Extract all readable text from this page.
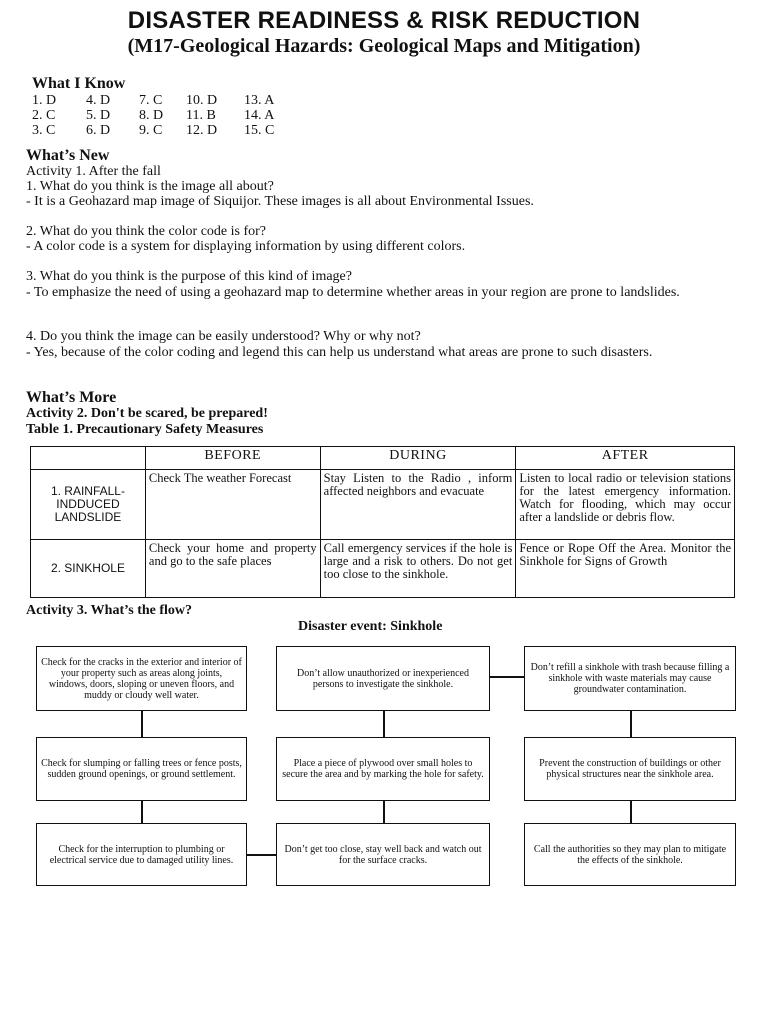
DISASTER READINESS & RISK REDUCTION
(M17-Geological Hazards: Geological Maps and Mitigation)
What I Know
1. D 4. D 7. C 10. D 13. A
2. C 5. D 8. D 11. B 14. A
3. C 6. D 9. C 12. D 15. C
What’s New
Activity 1. After the fall
1. What do you think is the image all about?
- It is a Geohazard map image of Siquijor. These images is all about Environmental Issues.
2. What do you think the color code is for?
- A color code is a system for displaying information by using different colors.
3. What do you think is the purpose of this kind of image?
- To emphasize the need of using a geohazard map to determine whether areas in your region are prone to landslides.
4. Do you think the image can be easily understood? Why or why not?
- Yes, because of the color coding and legend this can help us understand what areas are prone to such disasters.
What’s More
Activity 2. Don't be scared, be prepared!
Table 1. Precautionary Safety Measures
	BEFORE	DURING	AFTER
1. RAINFALL-INDDUCED LANDSLIDE	Check The weather Forecast	Stay Listen to the Radio , inform affected neighbors and evacuate	Listen to local radio or television stations for the latest emergency information. Watch for flooding, which may occur after a landslide or debris flow.
2. SINKHOLE	Check your home and property and go to the safe places	Call emergency services if the hole is large and a risk to others. Do not get too close to the sinkhole.	Fence or Rope Off the Area. Monitor the Sinkhole for Signs of Growth
Activity 3. What’s the flow?
Disaster event: Sinkhole
Check for the cracks in the exterior and interior of your property such as areas along joints, windows, doors, sloping or uneven floors, and muddy or cloudy well water.
Check for slumping or falling trees or fence posts, sudden ground openings, or ground settlement.
Check for the interruption to plumbing or electrical service due to damaged utility lines.
Don’t allow unauthorized or inexperienced persons to investigate the sinkhole.
Place a piece of plywood over small holes to secure the area and by marking the hole for safety.
Don’t get too close, stay well back and watch out for the surface cracks.
Don’t refill a sinkhole with trash because filling a sinkhole with waste materials may cause groundwater contamination.
Prevent the construction of buildings or other physical structures near the sinkhole area.
Call the authorities so they may plan to mitigate the effects of the sinkhole.
